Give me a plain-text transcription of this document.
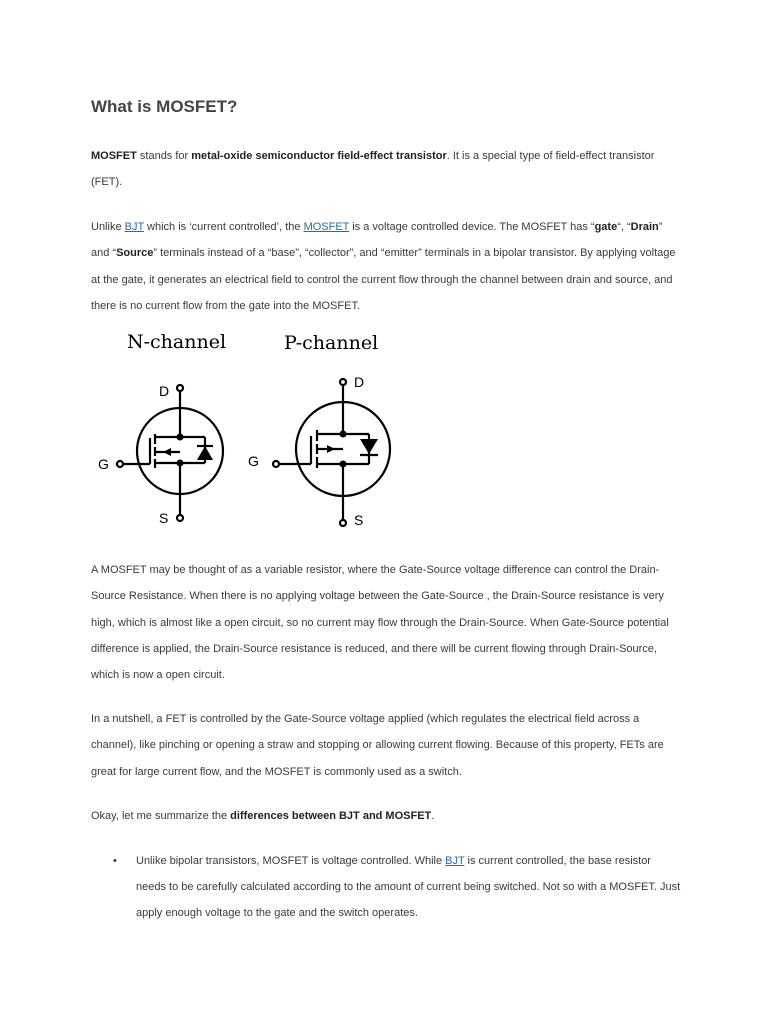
What is MOSFET?

MOSFET stands for metal-oxide semiconductor field-effect transistor. It is a special type of field-effect transistor (FET).

Unlike BJT which is ‘current controlled’, the MOSFET is a voltage controlled device. The MOSFET has “gate“, “Drain” and “Source” terminals instead of a “base”, “collector”, and “emitter” terminals in a bipolar transistor. By applying voltage at the gate, it generates an electrical field to control the current flow through the channel between drain and source, and there is no current flow from the gate into the MOSFET.

A MOSFET may be thought of as a variable resistor, where the Gate-Source voltage difference can control the Drain-Source Resistance. When there is no applying voltage between the Gate-Source , the Drain-Source resistance is very high, which is almost like a open circuit, so no current may flow through the Drain-Source. When Gate-Source potential difference is applied, the Drain-Source resistance is reduced, and there will be current flowing through Drain-Source, which is now a open circuit.

In a nutshell, a FET is controlled by the Gate-Source voltage applied (which regulates the electrical field across a channel), like pinching or opening a straw and stopping or allowing current flowing. Because of this property, FETs are great for large current flow, and the MOSFET is commonly used as a switch.

Okay, let me summarize the differences between BJT and MOSFET.

• Unlike bipolar transistors, MOSFET is voltage controlled. While BJT is current controlled, the base resistor needs to be carefully calculated according to the amount of current being switched. Not so with a MOSFET. Just apply enough voltage to the gate and the switch operates.
N-channel	P-channel
D
G
S
D
G
S
